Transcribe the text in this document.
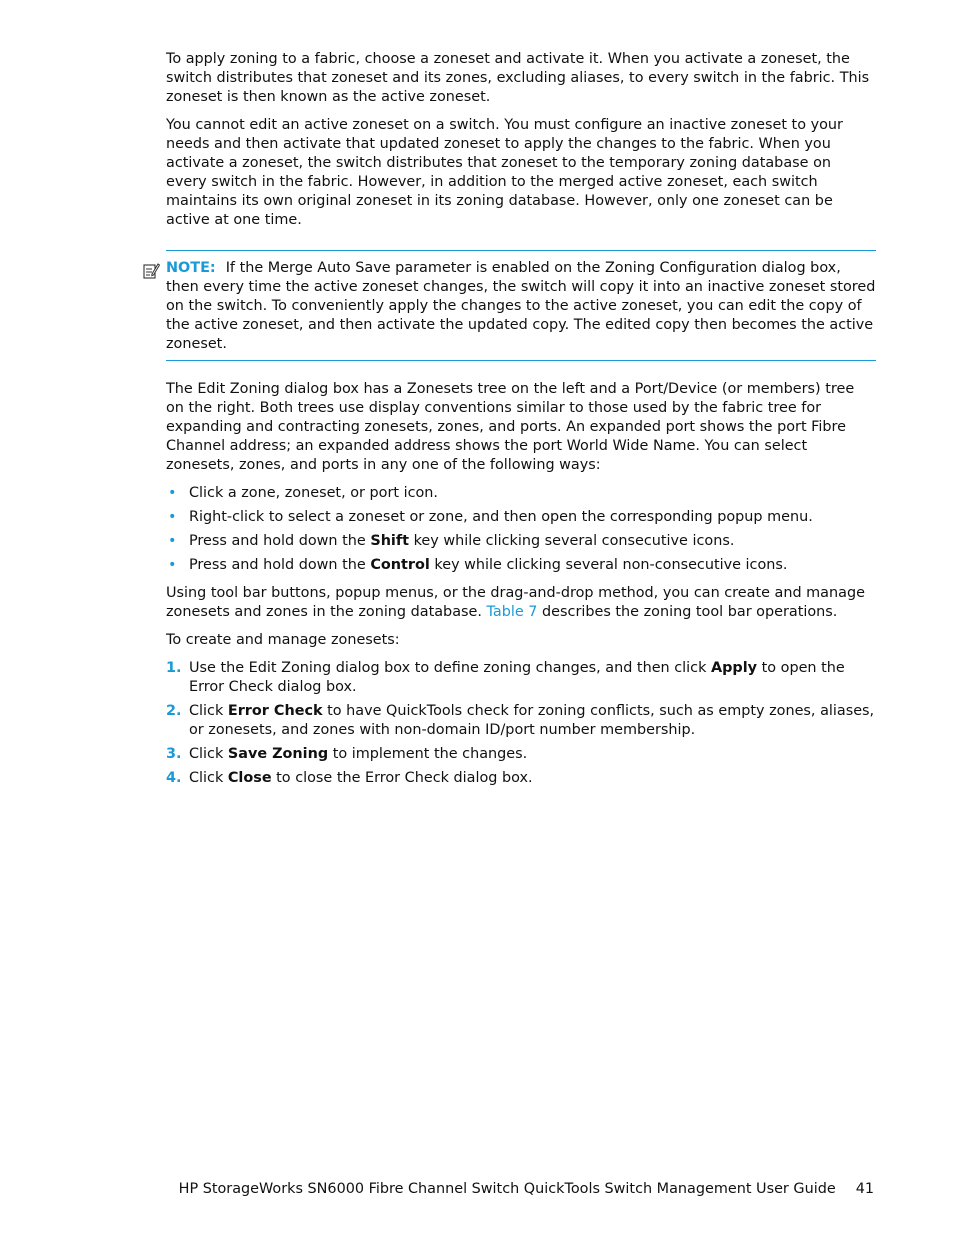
To apply zoning to a fabric, choose a zoneset and activate it. When you activate a zoneset, the switch distributes that zoneset and its zones, excluding aliases, to every switch in the fabric. This zoneset is then known as the active zoneset.

You cannot edit an active zoneset on a switch. You must configure an inactive zoneset to your needs and then activate that updated zoneset to apply the changes to the fabric. When you activate a zoneset, the switch distributes that zoneset to the temporary zoning database on every switch in the fabric. However, in addition to the merged active zoneset, each switch maintains its own original zoneset in its zoning database. However, only one zoneset can be active at one time.

NOTE: If the Merge Auto Save parameter is enabled on the Zoning Configuration dialog box, then every time the active zoneset changes, the switch will copy it into an inactive zoneset stored on the switch. To conveniently apply the changes to the active zoneset, you can edit the copy of the active zoneset, and then activate the updated copy. The edited copy then becomes the active zoneset.

The Edit Zoning dialog box has a Zonesets tree on the left and a Port/Device (or members) tree on the right. Both trees use display conventions similar to those used by the fabric tree for expanding and contracting zonesets, zones, and ports. An expanded port shows the port Fibre Channel address; an expanded address shows the port World Wide Name. You can select zonesets, zones, and ports in any one of the following ways:

• Click a zone, zoneset, or port icon.
• Right-click to select a zoneset or zone, and then open the corresponding popup menu.
• Press and hold down the Shift key while clicking several consecutive icons.
• Press and hold down the Control key while clicking several non-consecutive icons.

Using tool bar buttons, popup menus, or the drag-and-drop method, you can create and manage zonesets and zones in the zoning database. Table 7 describes the zoning tool bar operations.

To create and manage zonesets:

1. Use the Edit Zoning dialog box to define zoning changes, and then click Apply to open the Error Check dialog box.
2. Click Error Check to have QuickTools check for zoning conflicts, such as empty zones, aliases, or zonesets, and zones with non-domain ID/port number membership.
3. Click Save Zoning to implement the changes.
4. Click Close to close the Error Check dialog box.
HP StorageWorks SN6000 Fibre Channel Switch QuickTools Switch Management User Guide 41
